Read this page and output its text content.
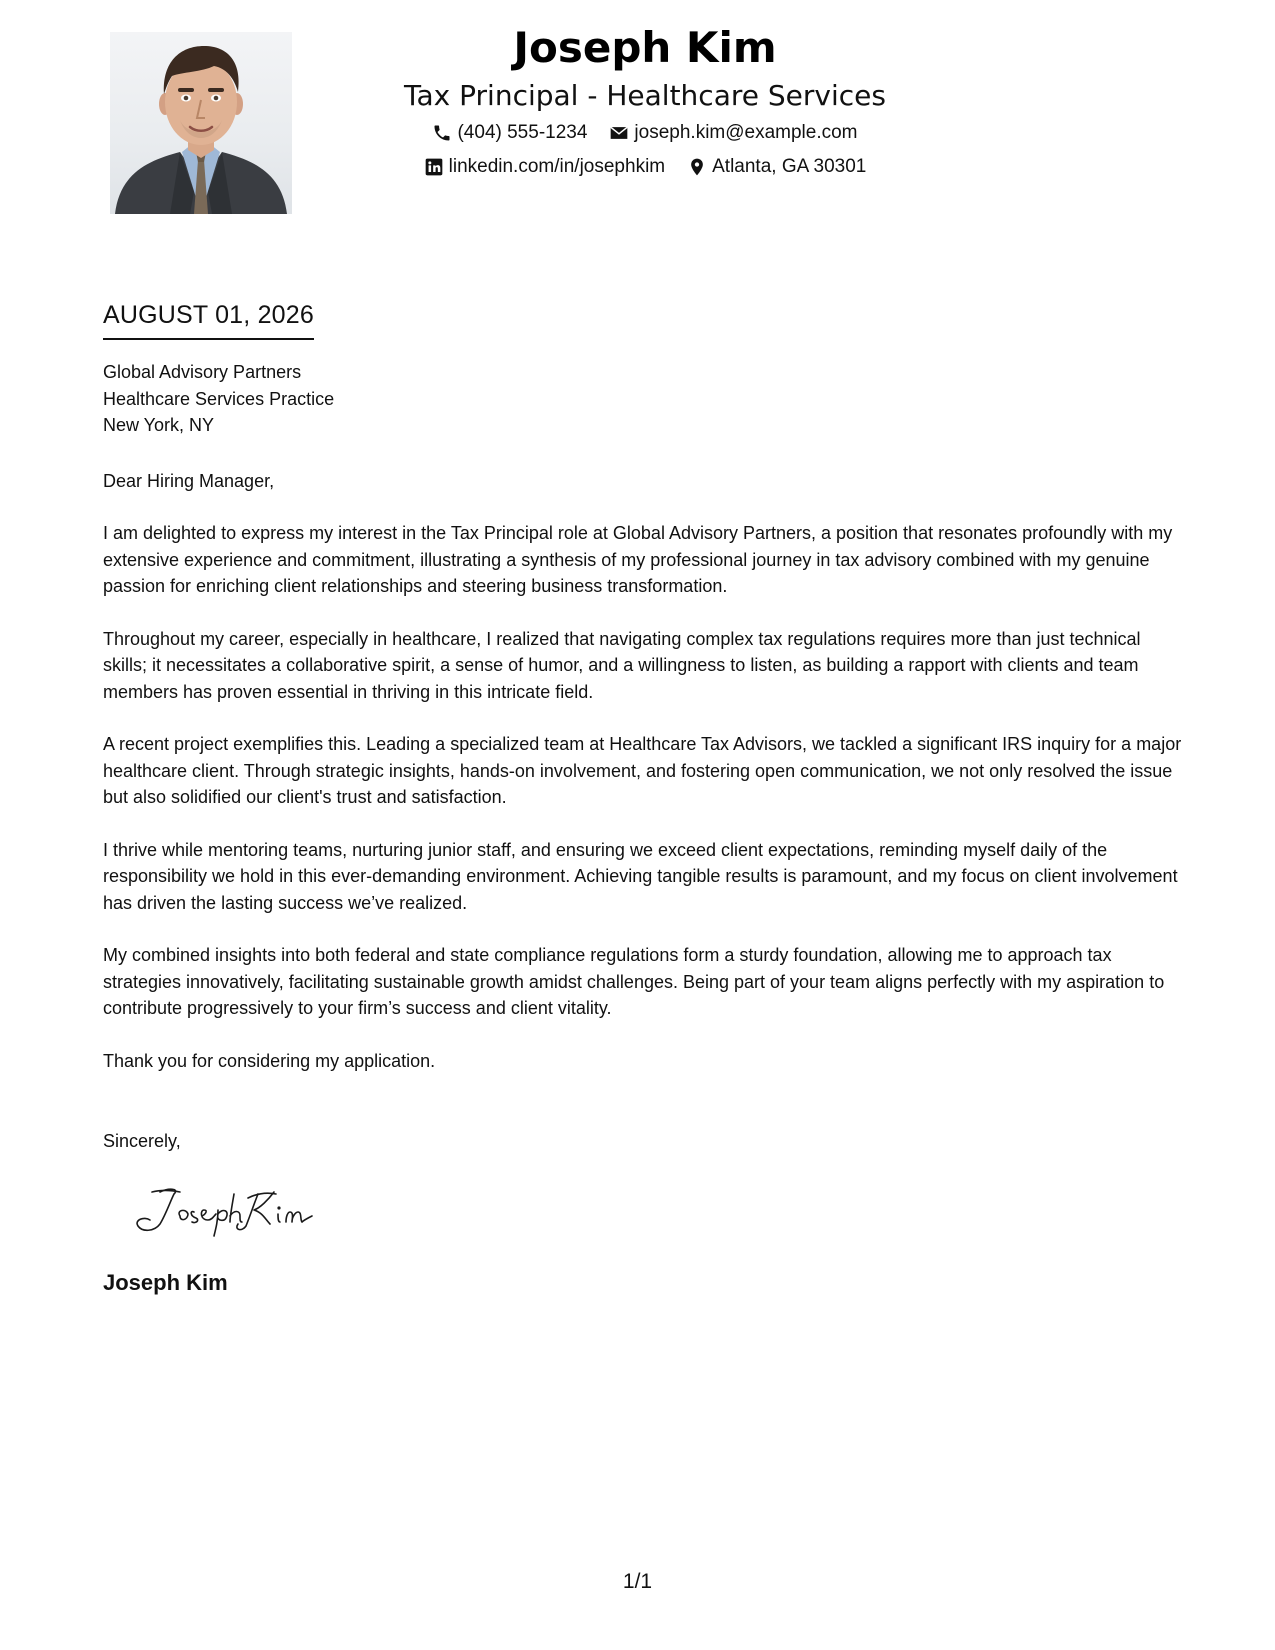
Joseph Kim
Tax Principal - Healthcare Services
(404) 555-1234 joseph.kim@example.com
linkedin.com/in/josephkim Atlanta, GA 30301
AUGUST 01, 2026
Global Advisory Partners
Healthcare Services Practice
New York, NY
Dear Hiring Manager,

I am delighted to express my interest in the Tax Principal role at Global Advisory Partners, a position that resonates profoundly with my extensive experience and commitment, illustrating a synthesis of my professional journey in tax advisory combined with my genuine passion for enriching client relationships and steering business transformation.

Throughout my career, especially in healthcare, I realized that navigating complex tax regulations requires more than just technical skills; it necessitates a collaborative spirit, a sense of humor, and a willingness to listen, as building a rapport with clients and team members has proven essential in thriving in this intricate field.

A recent project exemplifies this. Leading a specialized team at Healthcare Tax Advisors, we tackled a significant IRS inquiry for a major healthcare client. Through strategic insights, hands-on involvement, and fostering open communication, we not only resolved the issue but also solidified our client's trust and satisfaction.

I thrive while mentoring teams, nurturing junior staff, and ensuring we exceed client expectations, reminding myself daily of the responsibility we hold in this ever-demanding environment. Achieving tangible results is paramount, and my focus on client involvement has driven the lasting success we’ve realized.

My combined insights into both federal and state compliance regulations form a sturdy foundation, allowing me to approach tax strategies innovatively, facilitating sustainable growth amidst challenges. Being part of your team aligns perfectly with my aspiration to contribute progressively to your firm’s success and client vitality.

Thank you for considering my application.

Sincerely,
Joseph Kim
1/1
